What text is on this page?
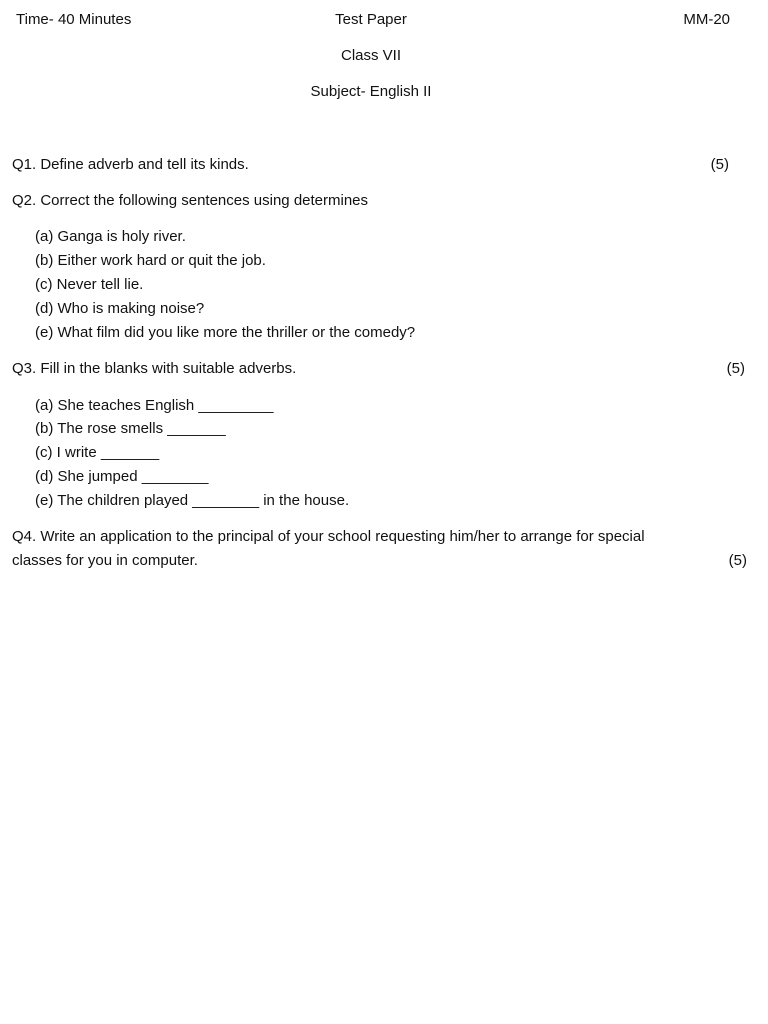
Time- 40 Minutes	Test Paper	MM-20
Class VII
Subject- English II
Q1. Define adverb and tell its kinds.	(5)
Q2. Correct the following sentences using determines
(a) Ganga is holy river.
(b) Either work hard or quit the job.
(c) Never tell lie.
(d) Who is making noise?
(e) What film did you like more the thriller or the comedy?
Q3. Fill in the blanks with suitable adverbs.	(5)
(a) She teaches English _________
(b) The rose smells _______
(c) I write _______
(d) She jumped ________
(e) The children played ________ in the house.
Q4. Write an application to the principal of your school requesting him/her to arrange for special
classes for you in computer.	(5)
